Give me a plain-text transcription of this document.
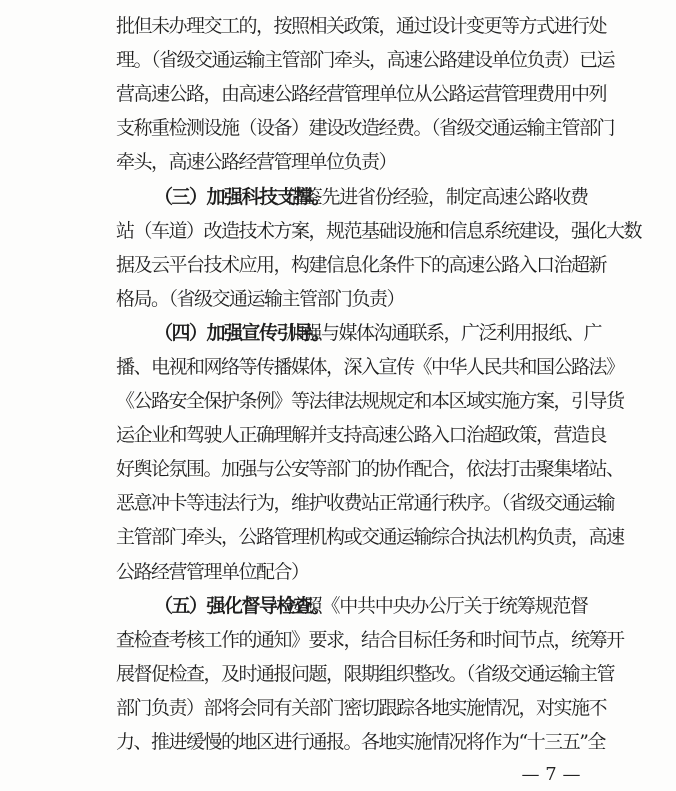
批但未办理交工的，按照相关政策，通过设计变更等方式进行处
理。（省级交通运输主管部门牵头，高速公路建设单位负责）已运
营高速公路，由高速公路经营管理单位从公路运营管理费用中列
支称重检测设施（设备）建设改造经费。（省级交通运输主管部门
牵头，高速公路经营管理单位负责）
（三）加强科技支撑。
借鉴先进省份经验，制定高速公路收费
站（车道）改造技术方案，规范基础设施和信息系统建设，强化大数
据及云平台技术应用，构建信息化条件下的高速公路入口治超新
格局。（省级交通运输主管部门负责）
（四）加强宣传引导。
加强与媒体沟通联系，广泛利用报纸、广
播、电视和网络等传播媒体，深入宣传《中华人民共和国公路法》
《公路安全保护条例》等法律法规规定和本区域实施方案，引导货
运企业和驾驶人正确理解并支持高速公路入口治超政策，营造良
好舆论氛围。加强与公安等部门的协作配合，依法打击聚集堵站、
恶意冲卡等违法行为，维护收费站正常通行秩序。（省级交通运输
主管部门牵头，公路管理机构或交通运输综合执法机构负责，高速
公路经营管理单位配合）
（五）强化督导检查。
按照《中共中央办公厅关于统筹规范督
查检查考核工作的通知》要求，结合目标任务和时间节点，统筹开
展督促检查，及时通报问题，限期组织整改。（省级交通运输主管
部门负责）部将会同有关部门密切跟踪各地实施情况，对实施不
力、推进缓慢的地区进行通报。各地实施情况将作为“十三五”全
— 7 —
